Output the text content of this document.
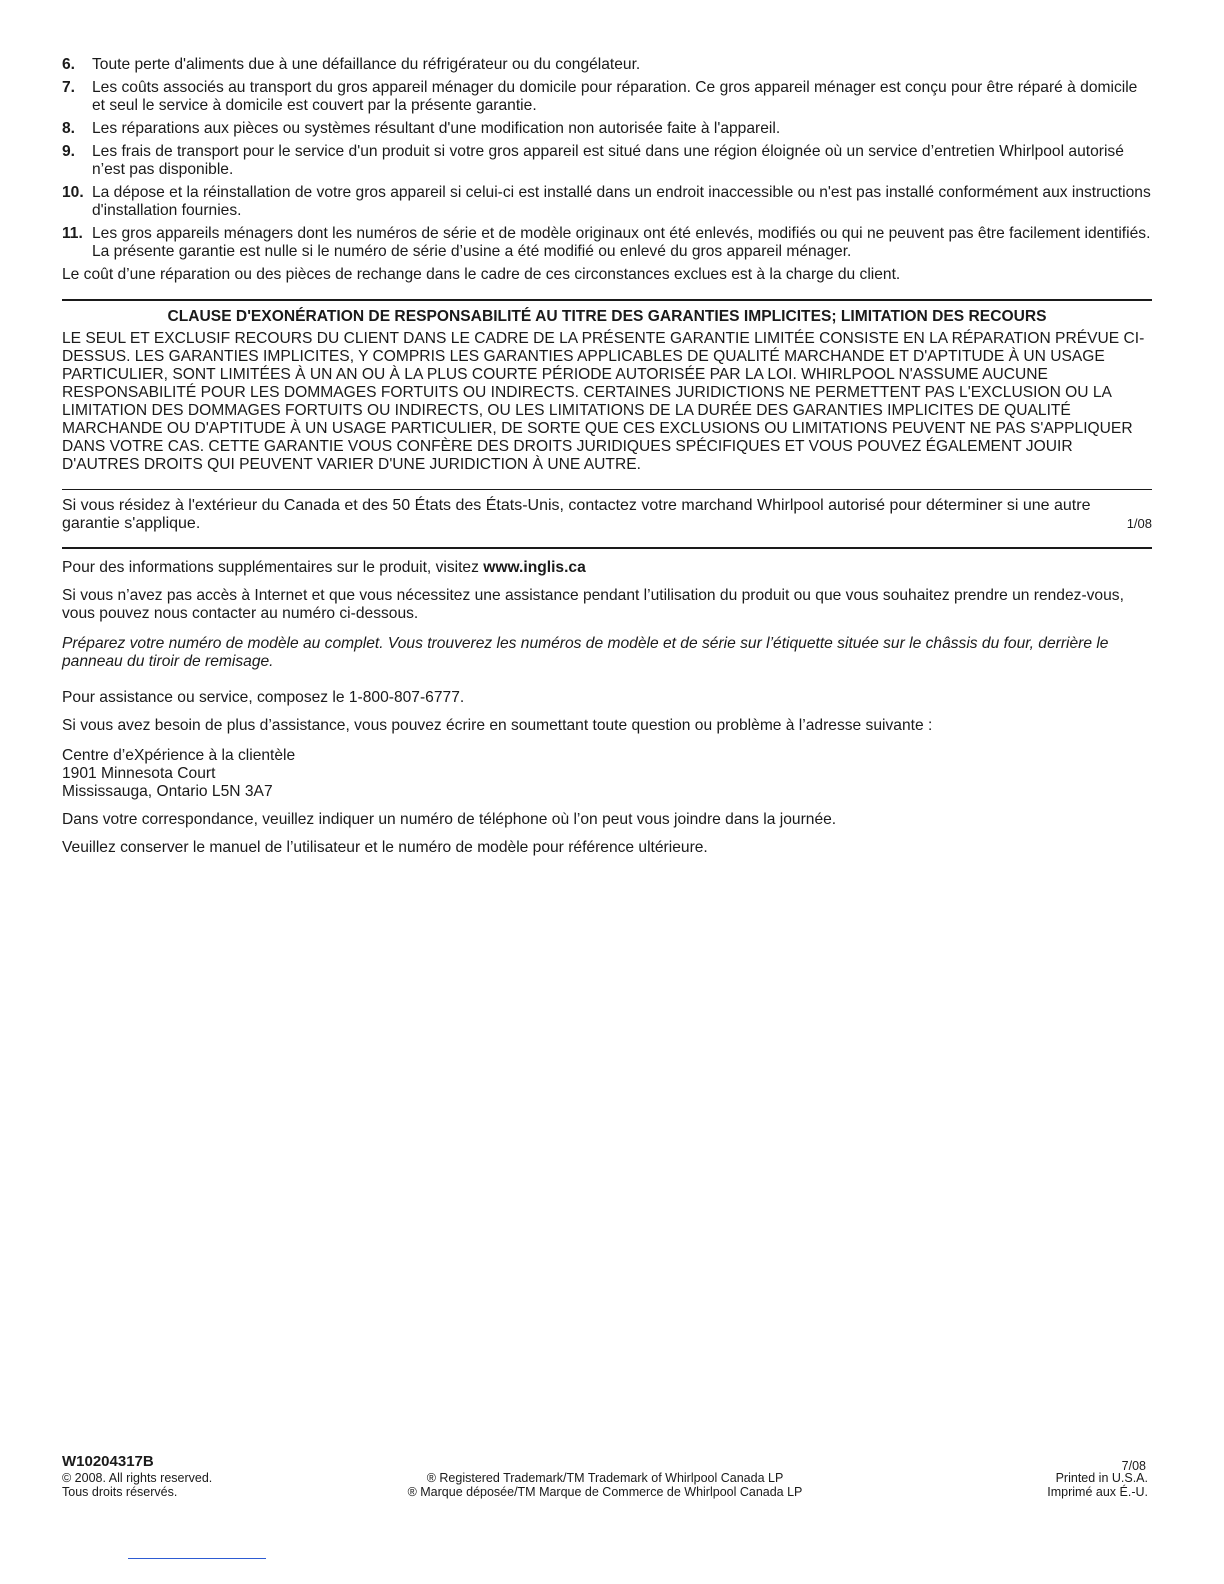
6.	Toute perte d'aliments due à une défaillance du réfrigérateur ou du congélateur.
7.	Les coûts associés au transport du gros appareil ménager du domicile pour réparation. Ce gros appareil ménager est conçu pour être réparé à domicile et seul le service à domicile est couvert par la présente garantie.
8.	Les réparations aux pièces ou systèmes résultant d'une modification non autorisée faite à l'appareil.
9.	Les frais de transport pour le service d'un produit si votre gros appareil est situé dans une région éloignée où un service d’entretien Whirlpool autorisé n’est pas disponible.
10. La dépose et la réinstallation de votre gros appareil si celui-ci est installé dans un endroit inaccessible ou n'est pas installé conformément aux instructions d'installation fournies.
11. Les gros appareils ménagers dont les numéros de série et de modèle originaux ont été enlevés, modifiés ou qui ne peuvent pas être facilement identifiés. La présente garantie est nulle si le numéro de série d’usine a été modifié ou enlevé du gros appareil ménager.

Le coût d’une réparation ou des pièces de rechange dans le cadre de ces circonstances exclues est à la charge du client.

CLAUSE D'EXONÉRATION DE RESPONSABILITÉ AU TITRE DES GARANTIES IMPLICITES; LIMITATION DES RECOURS
LE SEUL ET EXCLUSIF RECOURS DU CLIENT DANS LE CADRE DE LA PRÉSENTE GARANTIE LIMITÉE CONSISTE EN LA RÉPARATION PRÉVUE CI-DESSUS. LES GARANTIES IMPLICITES, Y COMPRIS LES GARANTIES APPLICABLES DE QUALITÉ MARCHANDE ET D'APTITUDE À UN USAGE PARTICULIER, SONT LIMITÉES À UN AN OU À LA PLUS COURTE PÉRIODE AUTORISÉE PAR LA LOI. WHIRLPOOL N'ASSUME AUCUNE RESPONSABILITÉ POUR LES DOMMAGES FORTUITS OU INDIRECTS. CERTAINES JURIDICTIONS NE PERMETTENT PAS L'EXCLUSION OU LA LIMITATION DES DOMMAGES FORTUITS OU INDIRECTS, OU LES LIMITATIONS DE LA DURÉE DES GARANTIES IMPLICITES DE QUALITÉ MARCHANDE OU D'APTITUDE À UN USAGE PARTICULIER, DE SORTE QUE CES EXCLUSIONS OU LIMITATIONS PEUVENT NE PAS S'APPLIQUER DANS VOTRE CAS. CETTE GARANTIE VOUS CONFÈRE DES DROITS JURIDIQUES SPÉCIFIQUES ET VOUS POUVEZ ÉGALEMENT JOUIR D'AUTRES DROITS QUI PEUVENT VARIER D'UNE JURIDICTION À UNE AUTRE.
Si vous résidez à l'extérieur du Canada et des 50 États des États-Unis, contactez votre marchand Whirlpool autorisé pour déterminer si une autre garantie s'applique.	1/08

Pour des informations supplémentaires sur le produit, visitez www.inglis.ca

Si vous n’avez pas accès à Internet et que vous nécessitez une assistance pendant l’utilisation du produit ou que vous souhaitez prendre un rendez-vous, vous pouvez nous contacter au numéro ci-dessous.

Préparez votre numéro de modèle au complet. Vous trouverez les numéros de modèle et de série sur l’étiquette située sur le châssis du four, derrière le panneau du tiroir de remisage.

Pour assistance ou service, composez le 1-800-807-6777.

Si vous avez besoin de plus d’assistance, vous pouvez écrire en soumettant toute question ou problème à l’adresse suivante :

Centre d’eXpérience à la clientèle

1901 Minnesota Court

Mississauga, Ontario L5N 3A7

Dans votre correspondance, veuillez indiquer un numéro de téléphone où l’on peut vous joindre dans la journée.

Veuillez conserver le manuel de l’utilisateur et le numéro de modèle pour référence ultérieure.

W10204317B	7/08
© 2008. All rights reserved.	® Registered Trademark/TM Trademark of Whirlpool Canada LP	Printed in U.S.A.
Tous droits réservés.	® Marque déposée/TM Marque de Commerce de Whirlpool Canada LP	Imprimé aux É.-U.
